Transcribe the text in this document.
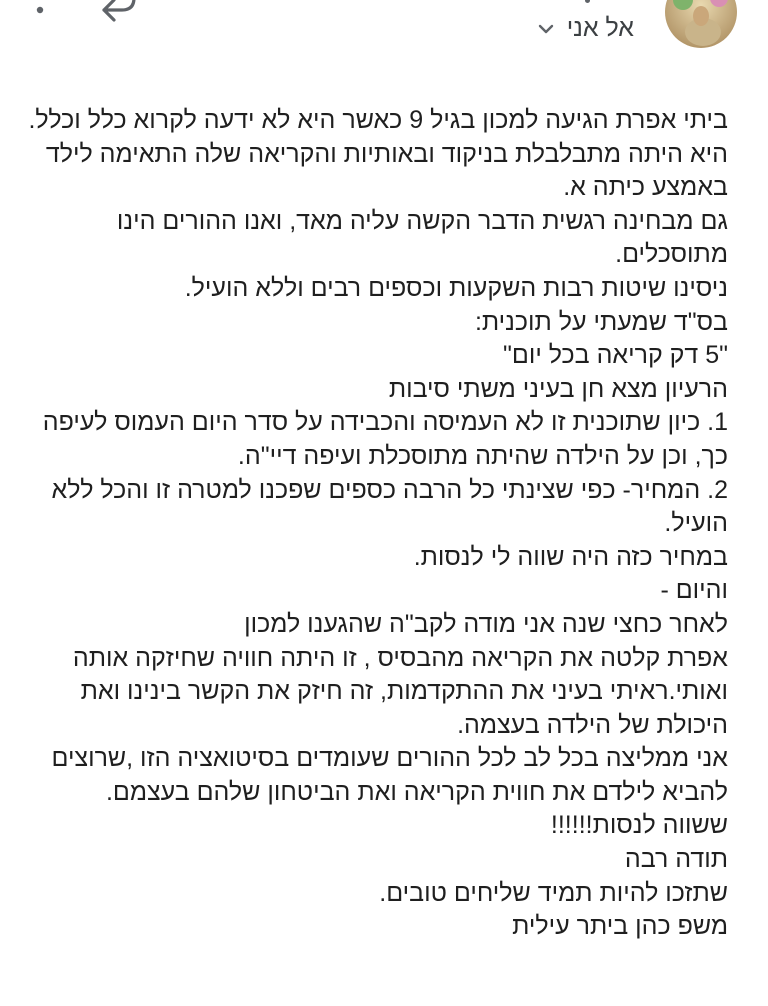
אל אני
ביתי אפרת הגיעה למכון בגיל 9 כאשר היא לא ידעה לקרוא כלל וכלל.
היא היתה מתבלבלת בניקוד ובאותיות והקריאה שלה התאימה לילד
באמצע כיתה א.
גם מבחינה רגשית הדבר הקשה עליה מאד, ואנו ההורים הינו
מתוסכלים.
ניסינו שיטות רבות השקעות וכספים רבים וללא הועיל.
בס"ד שמעתי על תוכנית:
"5 דק קריאה בכל יום"
הרעיון מצא חן בעיני משתי סיבות
1. כיון שתוכנית זו לא העמיסה והכבידה על סדר היום העמוס לעיפה
כך, וכן על הילדה שהיתה מתוסכלת ועיפה דיי"ה.
2. המחיר- כפי שצינתי כל הרבה כספים שפכנו למטרה זו והכל ללא
הועיל.
במחיר כזה היה שווה לי לנסות.
והיום -
לאחר כחצי שנה אני מודה לקב"ה שהגענו למכון
אפרת קלטה את הקריאה מהבסיס , זו היתה חוויה שחיזקה אותה
ואותי.ראיתי בעיני את ההתקדמות, זה חיזק את הקשר בינינו ואת
היכולת של הילדה בעצמה.
אני ממליצה בכל לב לכל ההורים שעומדים בסיטואציה הזו ,שרוצים
להביא לילדם את חווית הקריאה ואת הביטחון שלהם בעצמם.
ששווה לנסות!!!!!!
תודה רבה
שתזכו להיות תמיד שליחים טובים.
משפ כהן ביתר עילית
